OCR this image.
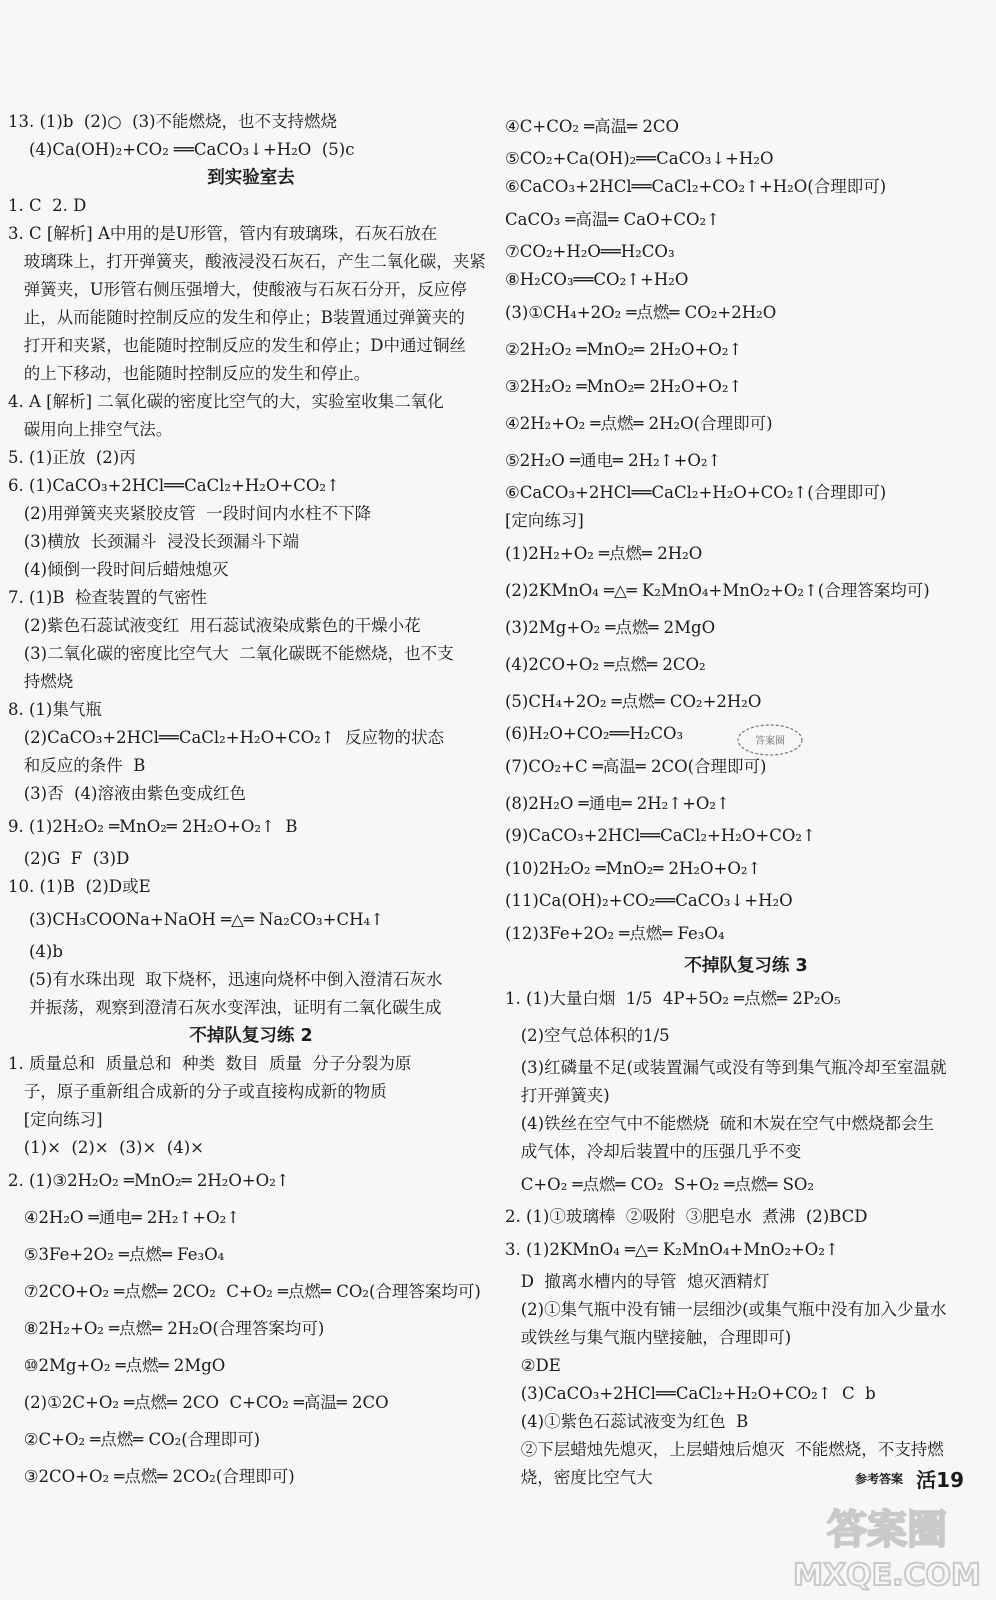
13. (1)b  (2)○  (3)不能燃烧，也不支持燃烧
(4)Ca(OH)₂+CO₂ ══CaCO₃↓+H₂O  (5)c
到实验室去
1. C  2. D
3. C [解析] A中用的是U形管，管内有玻璃珠，石灰石放在
玻璃珠上，打开弹簧夹，酸液浸没石灰石，产生二氧化碳，夹紧
弹簧夹，U形管右侧压强增大，使酸液与石灰石分开，反应停
止，从而能随时控制反应的发生和停止；B装置通过弹簧夹的
打开和夹紧，也能随时控制反应的发生和停止；D中通过铜丝
的上下移动，也能随时控制反应的发生和停止。
4. A [解析] 二氧化碳的密度比空气的大，实验室收集二氧化
碳用向上排空气法。
5. (1)正放  (2)丙
6. (1)CaCO₃+2HCl══CaCl₂+H₂O+CO₂↑
(2)用弹簧夹夹紧胶皮管  一段时间内水柱不下降
(3)横放  长颈漏斗  浸没长颈漏斗下端
(4)倾倒一段时间后蜡烛熄灭
7. (1)B  检查装置的气密性
(2)紫色石蕊试液变红  用石蕊试液染成紫色的干燥小花
(3)二氧化碳的密度比空气大  二氧化碳既不能燃烧，也不支
持燃烧
8. (1)集气瓶
(2)CaCO₃+2HCl══CaCl₂+H₂O+CO₂↑  反应物的状态
和反应的条件  B
(3)否  (4)溶液由紫色变成红色
9. (1)2H₂O₂ ═MnO₂═ 2H₂O+O₂↑  B
(2)G  F  (3)D
10. (1)B  (2)D或E
(3)CH₃COONa+NaOH ═△═ Na₂CO₃+CH₄↑
(4)b
(5)有水珠出现  取下烧杯，迅速向烧杯中倒入澄清石灰水
并振荡，观察到澄清石灰水变浑浊，证明有二氧化碳生成
不掉队复习练 2
1. 质量总和  质量总和  种类  数目  质量  分子分裂为原
子，原子重新组合成新的分子或直接构成新的物质
[定向练习]
(1)×  (2)×  (3)×  (4)×
2. (1)③2H₂O₂ ═MnO₂═ 2H₂O+O₂↑
④2H₂O ═通电═ 2H₂↑+O₂↑
⑤3Fe+2O₂ ═点燃═ Fe₃O₄
⑦2CO+O₂ ═点燃═ 2CO₂  C+O₂ ═点燃═ CO₂(合理答案均可)
⑧2H₂+O₂ ═点燃═ 2H₂O(合理答案均可)
⑩2Mg+O₂ ═点燃═ 2MgO
(2)①2C+O₂ ═点燃═ 2CO  C+CO₂ ═高温═ 2CO
②C+O₂ ═点燃═ CO₂(合理即可)
③2CO+O₂ ═点燃═ 2CO₂(合理即可)
④C+CO₂ ═高温═ 2CO
⑤CO₂+Ca(OH)₂══CaCO₃↓+H₂O
⑥CaCO₃+2HCl══CaCl₂+CO₂↑+H₂O(合理即可)
CaCO₃ ═高温═ CaO+CO₂↑
⑦CO₂+H₂O══H₂CO₃
⑧H₂CO₃══CO₂↑+H₂O
(3)①CH₄+2O₂ ═点燃═ CO₂+2H₂O
②2H₂O₂ ═MnO₂═ 2H₂O+O₂↑
③2H₂O₂ ═MnO₂═ 2H₂O+O₂↑
④2H₂+O₂ ═点燃═ 2H₂O(合理即可)
⑤2H₂O ═通电═ 2H₂↑+O₂↑
⑥CaCO₃+2HCl══CaCl₂+H₂O+CO₂↑(合理即可)
[定向练习]
(1)2H₂+O₂ ═点燃═ 2H₂O
(2)2KMnO₄ ═△═ K₂MnO₄+MnO₂+O₂↑(合理答案均可)
(3)2Mg+O₂ ═点燃═ 2MgO
(4)2CO+O₂ ═点燃═ 2CO₂
(5)CH₄+2O₂ ═点燃═ CO₂+2H₂O
(6)H₂O+CO₂══H₂CO₃
(7)CO₂+C ═高温═ 2CO(合理即可)
(8)2H₂O ═通电═ 2H₂↑+O₂↑
(9)CaCO₃+2HCl══CaCl₂+H₂O+CO₂↑
(10)2H₂O₂ ═MnO₂═ 2H₂O+O₂↑
(11)Ca(OH)₂+CO₂══CaCO₃↓+H₂O
(12)3Fe+2O₂ ═点燃═ Fe₃O₄
不掉队复习练 3
1. (1)大量白烟  1/5  4P+5O₂ ═点燃═ 2P₂O₅
(2)空气总体积的1/5
(3)红磷量不足(或装置漏气或没有等到集气瓶冷却至室温就
打开弹簧夹)
(4)铁丝在空气中不能燃烧  硫和木炭在空气中燃烧都会生
成气体，冷却后装置中的压强几乎不变
C+O₂ ═点燃═ CO₂  S+O₂ ═点燃═ SO₂
2. (1)①玻璃棒  ②吸附  ③肥皂水  煮沸  (2)BCD
3. (1)2KMnO₄ ═△═ K₂MnO₄+MnO₂+O₂↑
D  撤离水槽内的导管  熄灭酒精灯
(2)①集气瓶中没有铺一层细沙(或集气瓶中没有加入少量水
或铁丝与集气瓶内壁接触，合理即可)
②DE
(3)CaCO₃+2HCl══CaCl₂+H₂O+CO₂↑  C  b
(4)①紫色石蕊试液变为红色  B
②下层蜡烛先熄灭，上层蜡烛后熄灭  不能燃烧，不支持燃
烧，密度比空气大	参考答案 活19
答案圈
答案圈
MXQE.COM
